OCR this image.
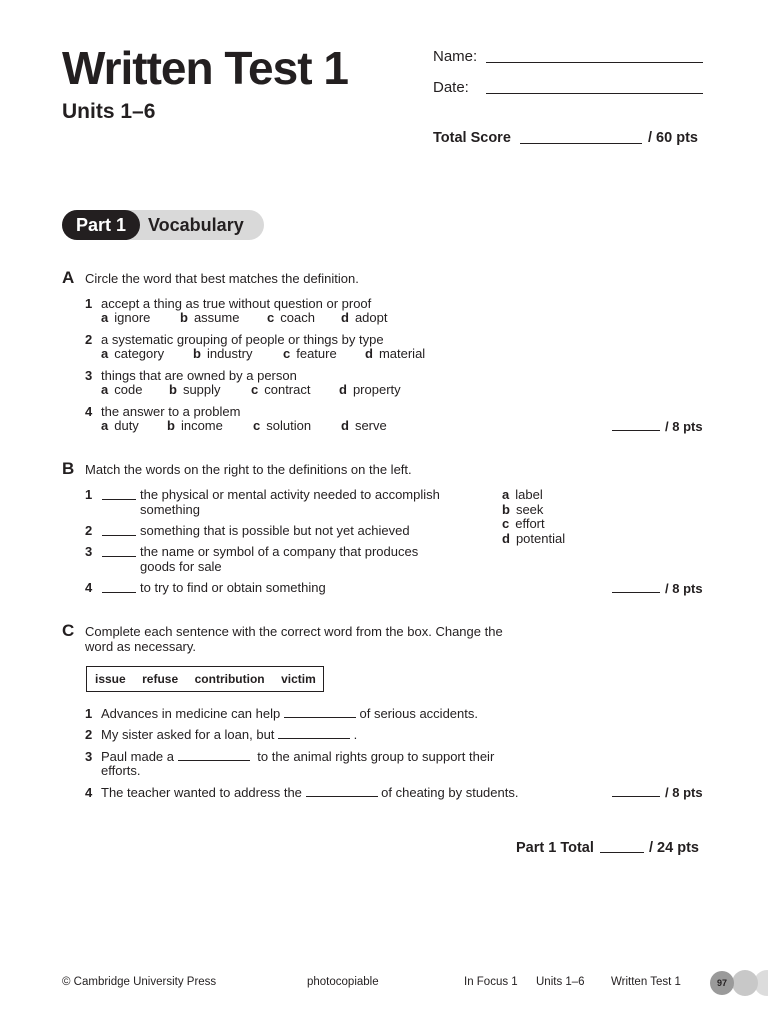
Written Test 1
Units 1–6
Name:
Date:
Total Score	/ 60 pts
Part 1	Vocabulary
A Circle the word that best matches the definition.
1 accept a thing as true without question or proof
a ignore b assume c coach d adopt
2 a systematic grouping of people or things by type
a category b industry c feature d material
3 things that are owned by a person
a code b supply c contract d property
4 the answer to a problem
a duty b income c solution d serve	/ 8 pts
B Match the words on the right to the definitions on the left.
1	the physical or mental activity needed to accomplish
something
2	something that is possible but not yet achieved
3	the name or symbol of a company that produces
goods for sale
4	to try to find or obtain something
a label
b seek
c effort
d potential
/ 8 pts
C Complete each sentence with the correct word from the box. Change the
word as necessary.
issue refuse contribution victim
1 Advances in medicine can help	of serious accidents.
2 My sister asked for a loan, but	.
3 Paul made a	to the animal rights group to support their
efforts.
4 The teacher wanted to address the	of cheating by students.	/ 8 pts
Part 1 Total	/ 24 pts
© Cambridge University Press	photocopiable	In Focus 1 Units 1–6 Written Test 1	97
